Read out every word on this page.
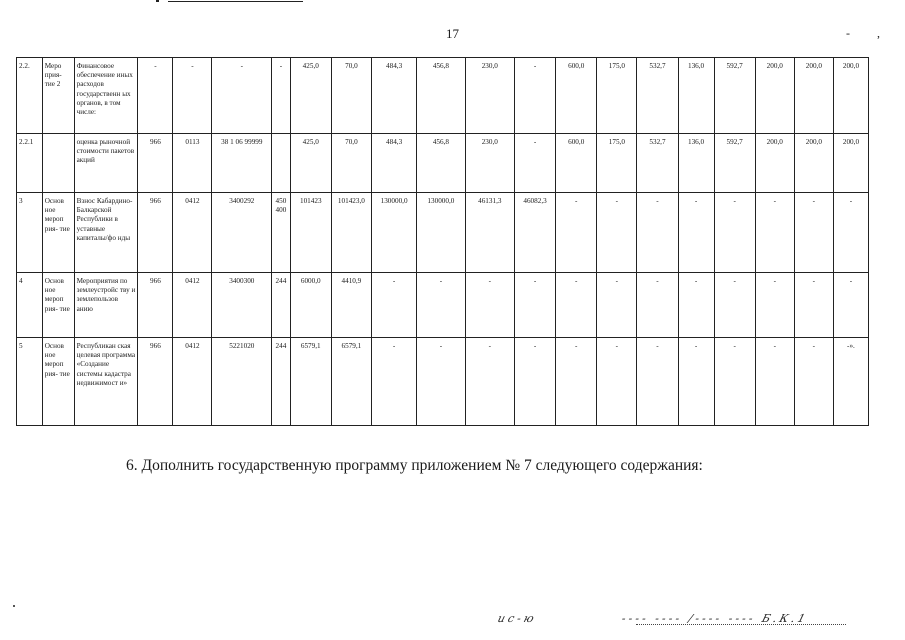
17	- ,
2.2.	Меро прия- тие 2	Финансовое обеспечение иных расходов государственн ых органов, в том числе:	-	-	-	-	425,0	70,0	484,3	456,8	230,0	-	600,0	175,0	532,7	136,0	592,7	200,0	200,0	200,0
2.2.1		оценка рыночной стоимости пакетов акций	966	0113	38 1 06 99999		425,0	70,0	484,3	456,8	230,0	-	600,0	175,0	532,7	136,0	592,7	200,0	200,0	200,0
3	Основ ное мероп рия- тие	Взнос Кабардино- Балкарской Республики в уставные капиталы/фо нды	966	0412	3400292	450 400	101423	101423,0	130000,0	130000,0	46131,3	46082,3	-	-	-	-	-	-	-	-
4	Основ ное мероп рия- тие	Мероприятия по землеустройс тву и землепользов анию	966	0412	3400300	244	6000,0	4410,9	-	-	-	-	-	-	-	-	-	-	-	-
5	Основ ное мероп рия- тие	Республикан ская целевая программа «Создание системы кадастра недвижимост и»	966	0412	5221020	244	6579,1	6579,1	-	-	-	-	-	-	-	-	-	-	-	-».
6. Дополнить государственную программу приложением № 7 следующего содержания:
ис-ю	---- ---- /---- ---- Б.К.1
